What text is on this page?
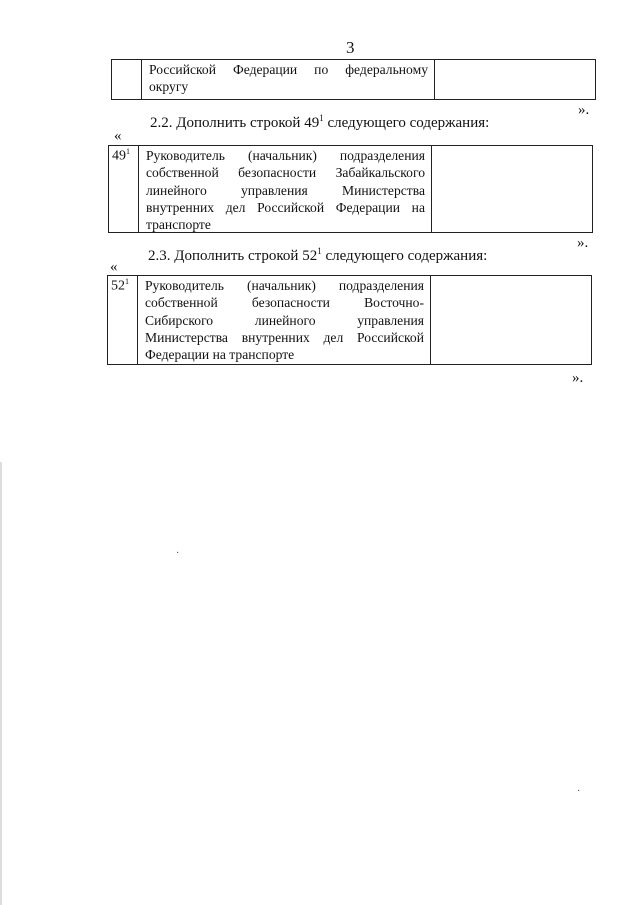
3
Российской Федерации по федеральному
округу
».
2.2. Дополнить строкой $49^1$ следующего содержания:
«
$49^1$	Руководитель (начальник) подразделения
собственной безопасности Забайкальского
линейного управления Министерства
внутренних дел Российской Федерации на
транспорте
».
2.3. Дополнить строкой $52^1$ следующего содержания:
«
$52^1$	Руководитель (начальник) подразделения
собственной безопасности Восточно-
Сибирского линейного управления
Министерства внутренних дел Российской
Федерации на транспорте
».
·
·
